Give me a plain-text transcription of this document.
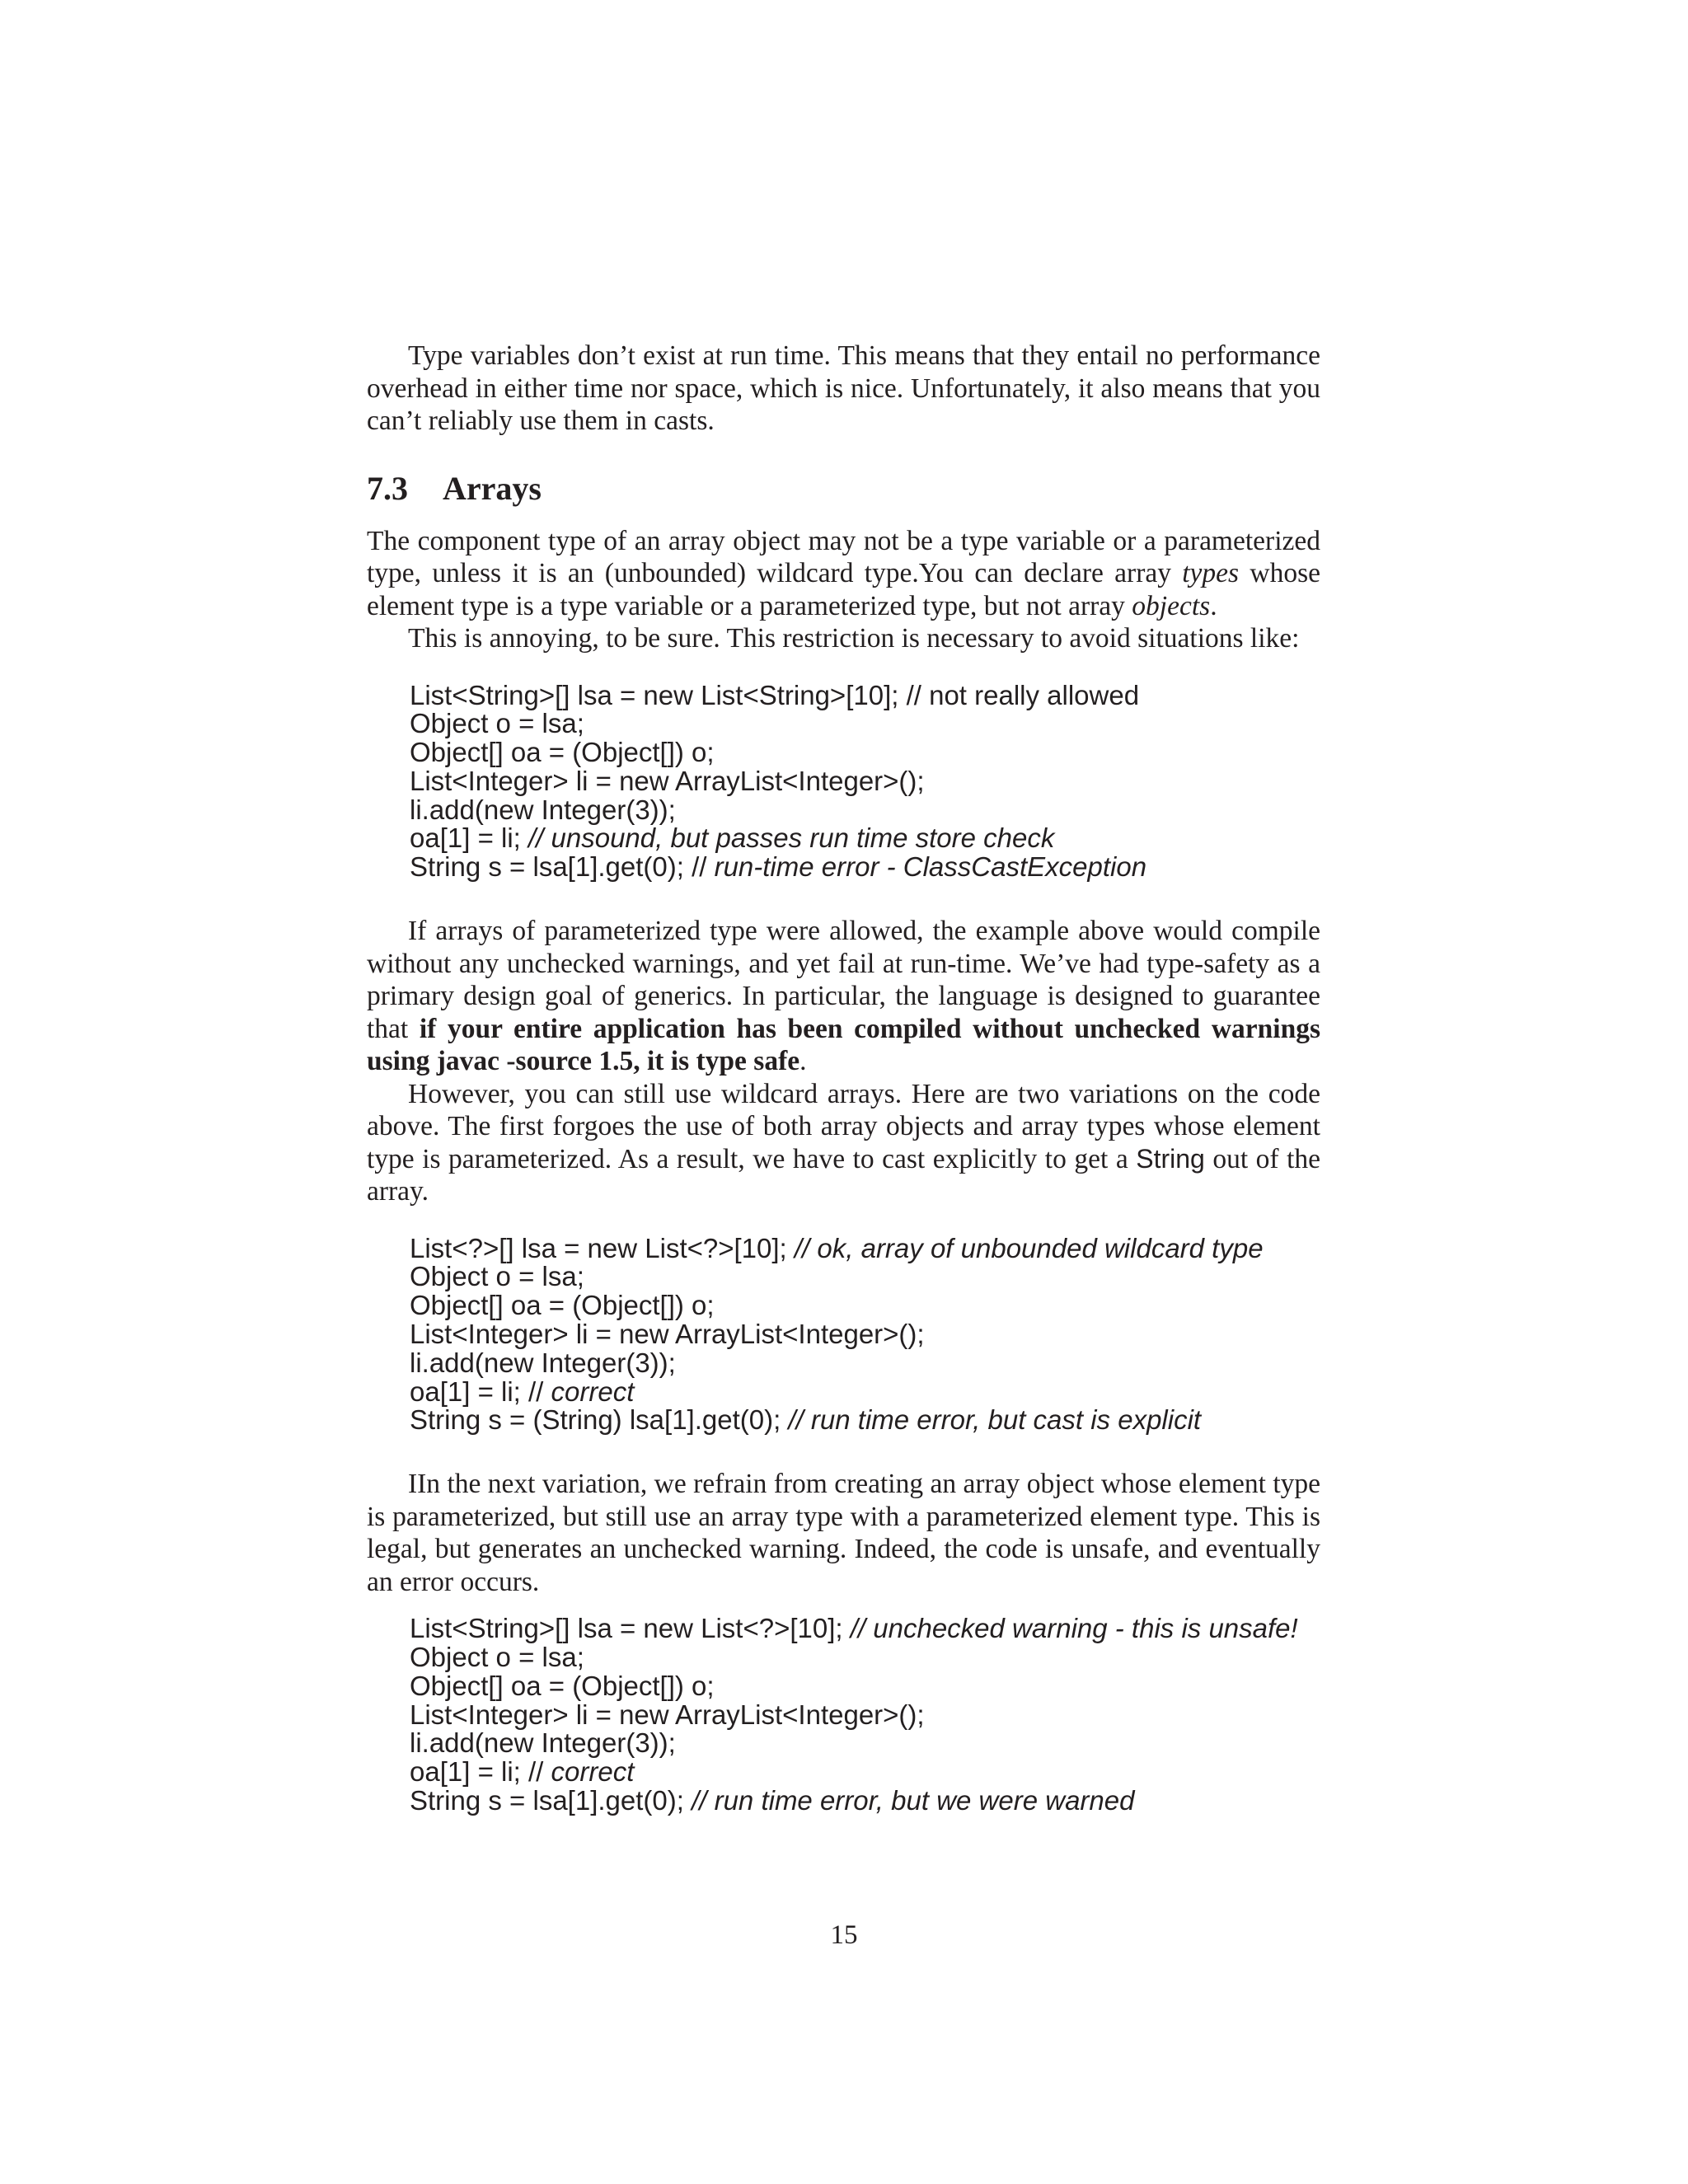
Type variables don’t exist at run time. This means that they entail no performance overhead in either time nor space, which is nice. Unfortunately, it also means that you can’t reliably use them in casts.

7.3 Arrays

The component type of an array object may not be a type variable or a parameterized type, unless it is an (unbounded) wildcard type.You can declare array types whose element type is a type variable or a parameterized type, but not array objects.

This is annoying, to be sure. This restriction is necessary to avoid situations like:

List<String>[] lsa = new List<String>[10]; // not really allowed
Object o = lsa;
Object[] oa = (Object[]) o;
List<Integer> li = new ArrayList<Integer>();
li.add(new Integer(3));
oa[1] = li; // unsound, but passes run time store check
String s = lsa[1].get(0); // run-time error - ClassCastException

If arrays of parameterized type were allowed, the example above would compile without any unchecked warnings, and yet fail at run-time. We’ve had type-safety as a primary design goal of generics. In particular, the language is designed to guarantee that if your entire application has been compiled without unchecked warnings using javac -source 1.5, it is type safe.

However, you can still use wildcard arrays. Here are two variations on the code above. The first forgoes the use of both array objects and array types whose element type is parameterized. As a result, we have to cast explicitly to get a String out of the array.

List<?>[] lsa = new List<?>[10]; // ok, array of unbounded wildcard type
Object o = lsa;
Object[] oa = (Object[]) o;
List<Integer> li = new ArrayList<Integer>();
li.add(new Integer(3));
oa[1] = li; // correct
String s = (String) lsa[1].get(0); // run time error, but cast is explicit

IIn the next variation, we refrain from creating an array object whose element type is parameterized, but still use an array type with a parameterized element type. This is legal, but generates an unchecked warning. Indeed, the code is unsafe, and eventually an error occurs.

List<String>[] lsa = new List<?>[10]; // unchecked warning - this is unsafe!
Object o = lsa;
Object[] oa = (Object[]) o;
List<Integer> li = new ArrayList<Integer>();
li.add(new Integer(3));
oa[1] = li; // correct
String s = lsa[1].get(0); // run time error, but we were warned
15
